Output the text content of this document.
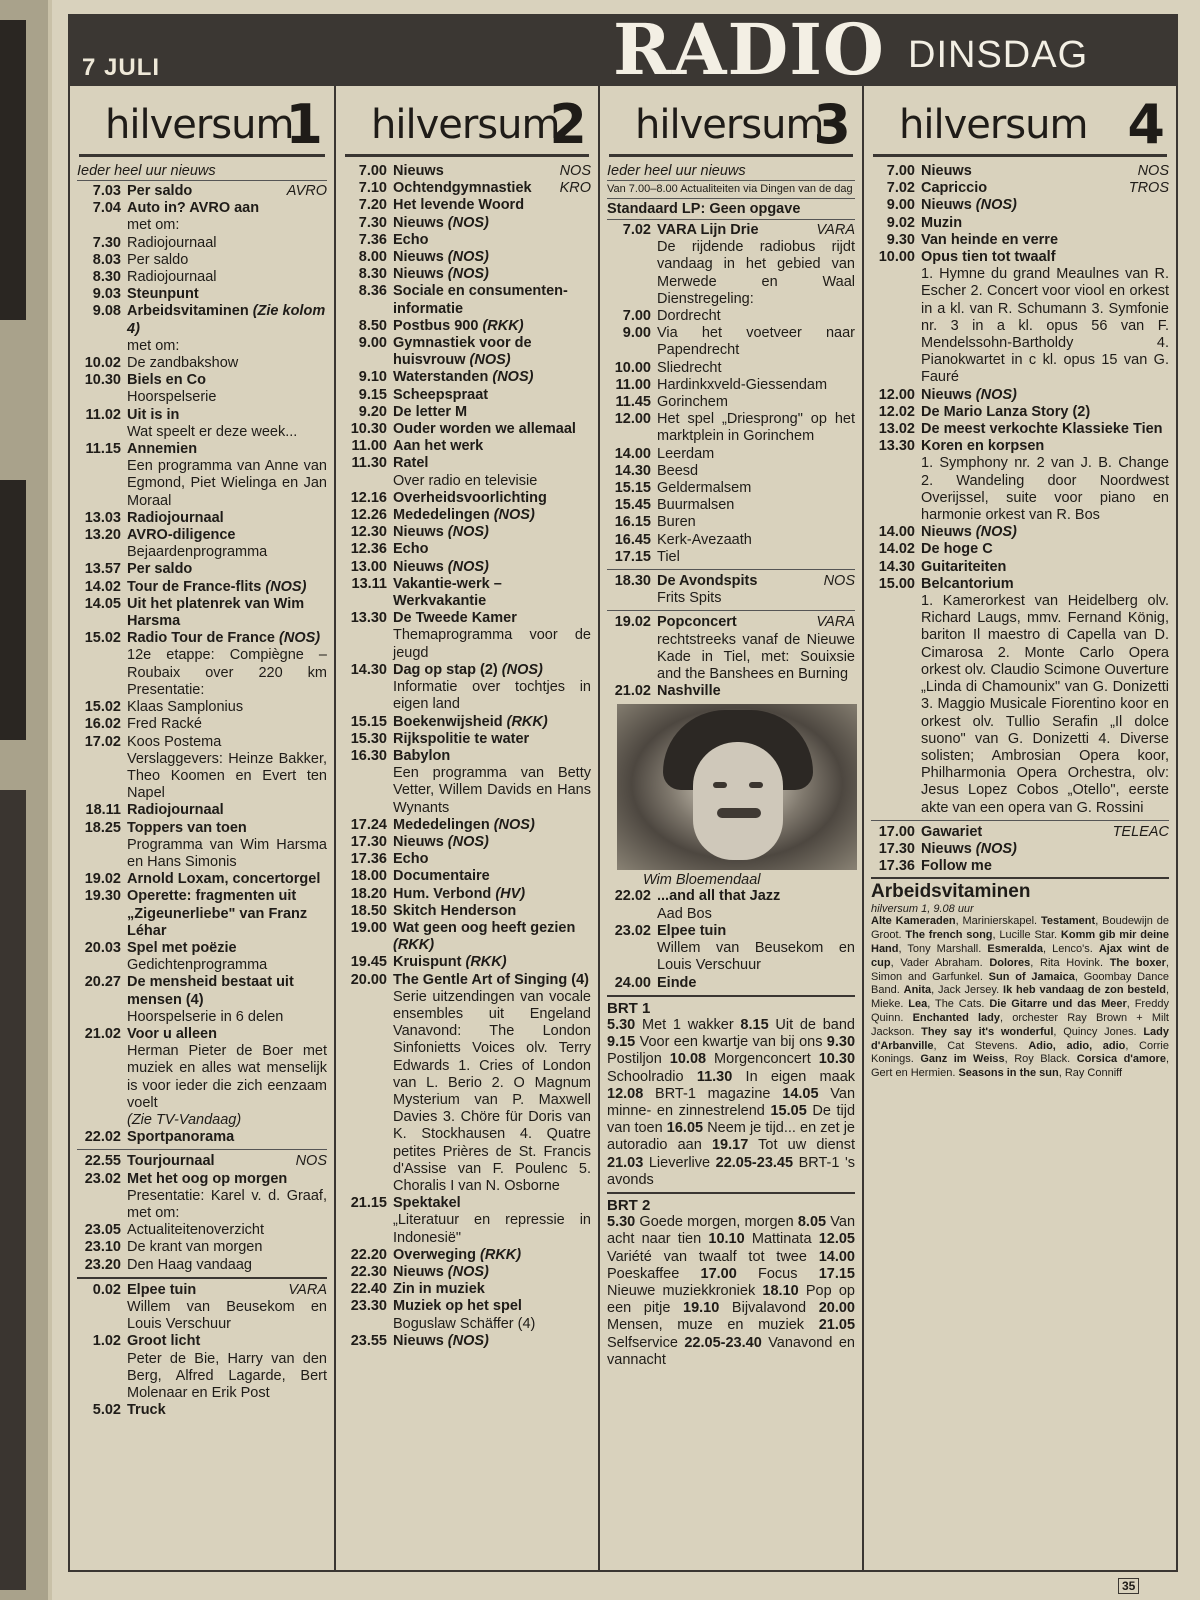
7 JULI	RADIO DINSDAG
hilversum
1
Ieder heel uur nieuws
7.03 Per saldo	AVRO
7.04 Auto in? AVRO aan
met om:
7.30 Radiojournaal
8.03 Per saldo
8.30 Radiojournaal
9.03 Steunpunt
9.08 Arbeidsvitaminen (Zie kolom 4)
met om:
10.02 De zandbakshow
10.30 Biels en Co
Hoorspelserie
11.02 Uit is in
Wat speelt er deze week...
11.15 Annemien
Een programma van Anne van Egmond, Piet Wielinga en Jan Moraal
13.03 Radiojournaal
13.20 AVRO-diligence
Bejaardenprogramma
13.57 Per saldo
14.02 Tour de France-flits (NOS)
14.05 Uit het platenrek van Wim Harsma
15.02 Radio Tour de France (NOS)
12e etappe: Compiègne – Roubaix over 220 km Presentatie:
15.02 Klaas Samplonius
16.02 Fred Racké
17.02 Koos Postema
Verslaggevers: Heinze Bakker, Theo Koomen en Evert ten Napel
18.11 Radiojournaal
18.25 Toppers van toen
Programma van Wim Harsma en Hans Simonis
19.02 Arnold Loxam, concertorgel
19.30 Operette: fragmenten uit „Zigeunerliebe" van Franz Léhar
20.03 Spel met poëzie
Gedichtenprogramma
20.27 De mensheid bestaat uit mensen (4)
Hoorspelserie in 6 delen
21.02 Voor u alleen
Herman Pieter de Boer met muziek en alles wat menselijk is voor ieder die zich eenzaam voelt
(Zie TV-Vandaag)
22.02 Sportpanorama
22.55 Tourjournaal	NOS
23.02 Met het oog op morgen
Presentatie: Karel v. d. Graaf, met om:
23.05 Actualiteitenoverzicht
23.10 De krant van morgen
23.20 Den Haag vandaag
0.02 Elpee tuin	VARA
Willem van Beusekom en Louis Verschuur
1.02 Groot licht
Peter de Bie, Harry van den Berg, Alfred Lagarde, Bert Molenaar en Erik Post
5.02 Truck
hilversum
2
7.00 Nieuws	NOS
7.10 Ochtendgymnastiek KRO
7.20 Het levende Woord
7.30 Nieuws (NOS)
7.36 Echo
8.00 Nieuws (NOS)
8.30 Nieuws (NOS)
8.36 Sociale en consumenten-informatie
8.50 Postbus 900 (RKK)
9.00 Gymnastiek voor de huisvrouw (NOS)
9.10 Waterstanden (NOS)
9.15 Scheepspraat
9.20 De letter M
10.30 Ouder worden we allemaal
11.00 Aan het werk
11.30 Ratel
Over radio en televisie
12.16 Overheidsvoorlichting
12.26 Mededelingen (NOS)
12.30 Nieuws (NOS)
12.36 Echo
13.00 Nieuws (NOS)
13.11 Vakantie-werk – Werkvakantie
13.30 De Tweede Kamer
Themaprogramma voor de jeugd
14.30 Dag op stap (2) (NOS)
Informatie over tochtjes in eigen land
15.15 Boekenwijsheid (RKK)
15.30 Rijkspolitie te water
16.30 Babylon
Een programma van Betty Vetter, Willem Davids en Hans Wynants
17.24 Mededelingen (NOS)
17.30 Nieuws (NOS)
17.36 Echo
18.00 Documentaire
18.20 Hum. Verbond (HV)
18.50 Skitch Henderson
19.00 Wat geen oog heeft gezien (RKK)
19.45 Kruispunt (RKK)
20.00 The Gentle Art of Singing (4)
Serie uitzendingen van vocale ensembles uit Engeland Vanavond: The London Sinfonietts Voices olv. Terry Edwards 1. Cries of London van L. Berio 2. O Magnum Mysterium van P. Maxwell Davies 3. Chöre für Doris van K. Stockhausen 4. Quatre petites Prières de St. Francis d'Assise van F. Poulenc 5. Choralis I van N. Osborne
21.15 Spektakel
„Literatuur en repressie in Indonesië"
22.20 Overweging (RKK)
22.30 Nieuws (NOS)
22.40 Zin in muziek
23.30 Muziek op het spel
Boguslaw Schäffer (4)
23.55 Nieuws (NOS)
hilversum
3
Ieder heel uur nieuws
Van 7.00–8.00 Actualiteiten via Dingen van de dag
Standaard LP: Geen opgave
7.02 VARA Lijn Drie	VARA
De rijdende radiobus rijdt vandaag in het gebied van Merwede en Waal Dienstregeling:
7.00 Dordrecht
9.00 Via het voetveer naar Papendrecht
10.00 Sliedrecht
11.00 Hardinkxveld-Giessendam
11.45 Gorinchem
12.00 Het spel „Driesprong" op het marktplein in Gorinchem
14.00 Leerdam
14.30 Beesd
15.15 Geldermalsem
15.45 Buurmalsen
16.15 Buren
16.45 Kerk-Avezaath
17.15 Tiel
18.30 De Avondspits	NOS
Frits Spits
19.02 Popconcert	VARA
rechtstreeks vanaf de Nieuwe Kade in Tiel, met: Souixsie and the Banshees en Burning
21.02 Nashville
Wim Bloemendaal
22.02 ...and all that Jazz
Aad Bos
23.02 Elpee tuin
Willem van Beusekom en Louis Verschuur
24.00 Einde
BRT 1
5.30 Met 1 wakker 8.15 Uit de band 9.15 Voor een kwartje van bij ons 9.30 Postiljon 10.08 Morgenconcert 10.30 Schoolradio 11.30 In eigen maak 12.08 BRT-1 magazine 14.05 Van minne- en zinnestrelend 15.05 De tijd van toen 16.05 Neem je tijd... en zet je autoradio aan 19.17 Tot uw dienst 21.03 Lieverlive 22.05-23.45 BRT-1 's avonds
BRT 2
5.30 Goede morgen, morgen 8.05 Van acht naar tien 10.10 Mattinata 12.05 Variété van twaalf tot twee 14.00 Poeskaffee 17.00 Focus 17.15 Nieuwe muziekkroniek 18.10 Pop op een pitje 19.10 Bijvalavond 20.00 Mensen, muze en muziek 21.05 Selfservice 22.05-23.40 Vanavond en vannacht
hilversum 4
7.00 Nieuws	NOS
7.02 Capriccio	TROS
9.00 Nieuws (NOS)
9.02 Muzin
9.30 Van heinde en verre
10.00 Opus tien tot twaalf
1. Hymne du grand Meaulnes van R. Escher 2. Concert voor viool en orkest in a kl. van R. Schumann 3. Symfonie nr. 3 in a kl. opus 56 van F. Mendelssohn-Bartholdy 4. Pianokwartet in c kl. opus 15 van G. Fauré
12.00 Nieuws (NOS)
12.02 De Mario Lanza Story (2)
13.02 De meest verkochte Klassieke Tien
13.30 Koren en korpsen
1. Symphony nr. 2 van J. B. Change 2. Wandeling door Noordwest Overijssel, suite voor piano en harmonie orkest van R. Bos
14.00 Nieuws (NOS)
14.02 De hoge C
14.30 Guitariteiten
15.00 Belcantorium
1. Kamerorkest van Heidelberg olv. Richard Laugs, mmv. Fernand König, bariton Il maestro di Capella van D. Cimarosa 2. Monte Carlo Opera orkest olv. Claudio Scimone Ouverture „Linda di Chamounix" van G. Donizetti 3. Maggio Musicale Fiorentino koor en orkest olv. Tullio Serafin „Il dolce suono" van G. Donizetti 4. Diverse solisten; Ambrosian Opera koor, Philharmonia Opera Orchestra, olv: Jesus Lopez Cobos „Otello", eerste akte van een opera van G. Rossini
17.00 Gawariet	TELEAC
17.30 Nieuws (NOS)
17.36 Follow me
Arbeidsvitaminen
hilversum 1, 9.08 uur
Alte Kameraden, Marinierskapel. Testament, Boudewijn de Groot. The french song, Lucille Star. Komm gib mir deine Hand, Tony Marshall. Esmeralda, Lenco's. Ajax wint de cup, Vader Abraham. Dolores, Rita Hovink. The boxer, Simon and Garfunkel. Sun of Jamaica, Goombay Dance Band. Anita, Jack Jersey. Ik heb vandaag de zon besteld, Mieke. Lea, The Cats. Die Gitarre und das Meer, Freddy Quinn. Enchanted lady, orchester Ray Brown + Milt Jackson. They say it's wonderful, Quincy Jones. Lady d'Arbanville, Cat Stevens. Adio, adio, adio, Corrie Konings. Ganz im Weiss, Roy Black. Corsica d'amore, Gert en Hermien. Seasons in the sun, Ray Conniff
35
